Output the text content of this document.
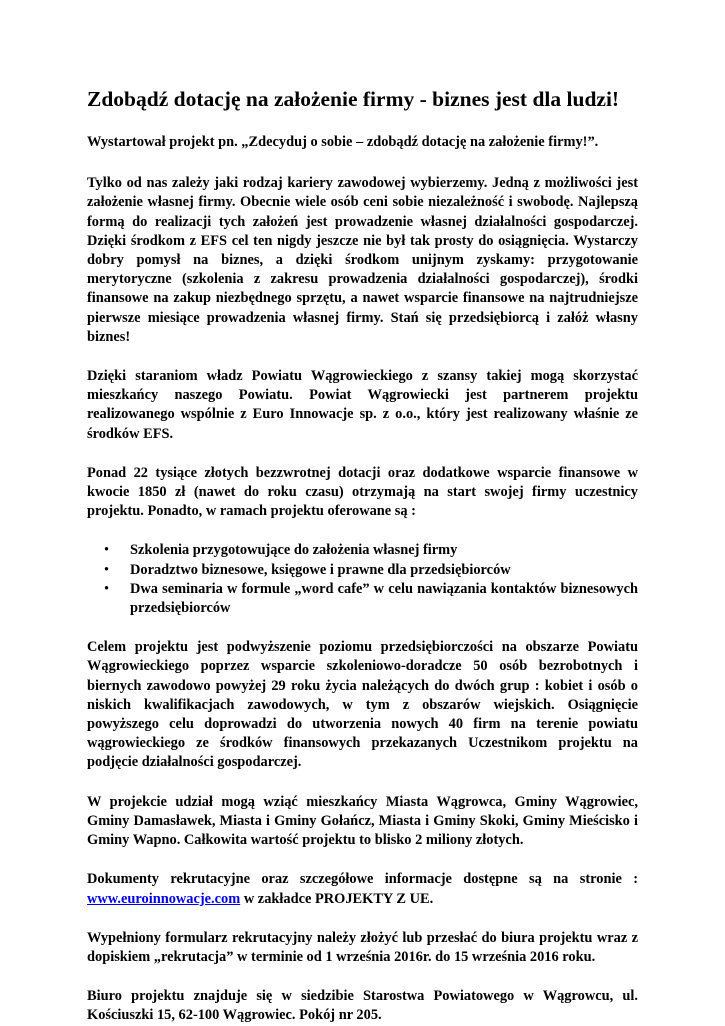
Zdobądź dotację na założenie firmy - biznes jest dla ludzi!

Wystartował projekt pn. „Zdecyduj o sobie – zdobądź dotację na założenie firmy!”.

Tylko od nas zależy jaki rodzaj kariery zawodowej wybierzemy. Jedną z możliwości jest założenie własnej firmy. Obecnie wiele osób ceni sobie niezależność i swobodę. Najlepszą formą do realizacji tych założeń jest prowadzenie własnej działalności gospodarczej. Dzięki środkom z EFS cel ten nigdy jeszcze nie był tak prosty do osiągnięcia. Wystarczy dobry pomysł na biznes, a dzięki środkom unijnym zyskamy: przygotowanie merytoryczne (szkolenia z zakresu prowadzenia działalności gospodarczej), środki finansowe na zakup niezbędnego sprzętu, a nawet wsparcie finansowe na najtrudniejsze pierwsze miesiące prowadzenia własnej firmy. Stań się przedsiębiorcą i załóż własny biznes!

Dzięki staraniom władz Powiatu Wągrowieckiego z szansy takiej mogą skorzystać mieszkańcy naszego Powiatu. Powiat Wągrowiecki jest partnerem projektu realizowanego wspólnie z Euro Innowacje sp. z o.o., który jest realizowany właśnie ze środków EFS.

Ponad 22 tysiące złotych bezzwrotnej dotacji oraz dodatkowe wsparcie finansowe w kwocie 1850 zł (nawet do roku czasu) otrzymają na start swojej firmy uczestnicy projektu. Ponadto, w ramach projektu oferowane są :

• Szkolenia przygotowujące do założenia własnej firmy
• Doradztwo biznesowe, księgowe i prawne dla przedsiębiorców
• Dwa seminaria w formule „word cafe” w celu nawiązania kontaktów biznesowych przedsiębiorców

Celem projektu jest podwyższenie poziomu przedsiębiorczości na obszarze Powiatu Wągrowieckiego poprzez wsparcie szkoleniowo-doradcze 50 osób bezrobotnych i biernych zawodowo powyżej 29 roku życia należących do dwóch grup : kobiet i osób o niskich kwalifikacjach zawodowych, w tym z obszarów wiejskich. Osiągnięcie powyższego celu doprowadzi do utworzenia nowych 40 firm na terenie powiatu wągrowieckiego ze środków finansowych przekazanych Uczestnikom projektu na podjęcie działalności gospodarczej.

W projekcie udział mogą wziąć mieszkańcy Miasta Wągrowca, Gminy Wągrowiec, Gminy Damasławek, Miasta i Gminy Gołańcz, Miasta i Gminy Skoki, Gminy Mieścisko i Gminy Wapno. Całkowita wartość projektu to blisko 2 miliony złotych.

Dokumenty rekrutacyjne oraz szczegółowe informacje dostępne są na stronie : www.euroinnowacje.com w zakładce PROJEKTY Z UE.

Wypełniony formularz rekrutacyjny należy złożyć lub przesłać do biura projektu wraz z dopiskiem „rekrutacja” w terminie od 1 września 2016r. do 15 września 2016 roku.

Biuro projektu znajduje się w siedzibie Starostwa Powiatowego w Wągrowcu, ul. Kościuszki 15, 62-100 Wągrowiec. Pokój nr 205.
